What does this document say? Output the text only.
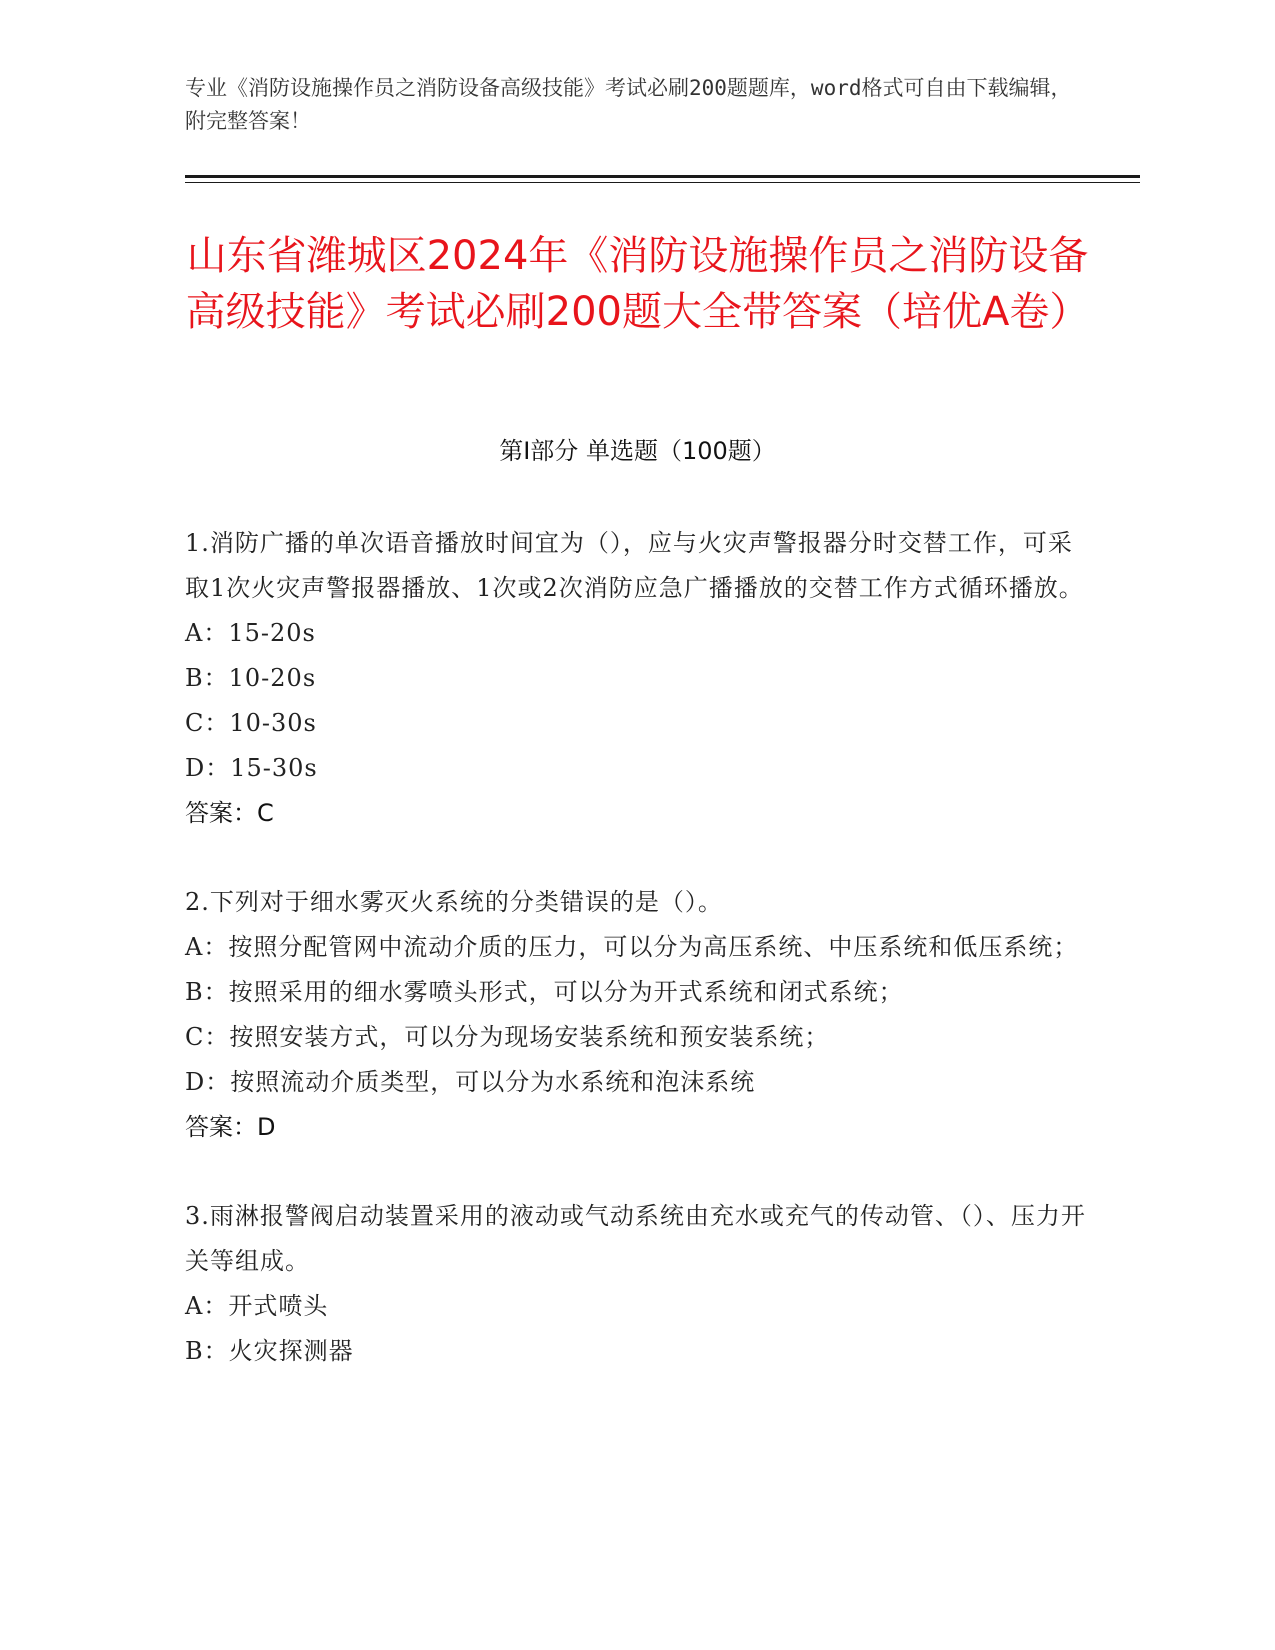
专业《消防设施操作员之消防设备高级技能》考试必刷200题题库，word格式可自由下载编辑，附完整答案！
山东省潍城区2024年《消防设施操作员之消防设备高级技能》考试必刷200题大全带答案（培优A卷）
第I部分 单选题（100题）

1.消防广播的单次语音播放时间宜为（），应与火灾声警报器分时交替工作，可采取1次火灾声警报器播放、1次或2次消防应急广播播放的交替工作方式循环播放。

A：15-20s

B：10-20s

C：10-30s

D：15-30s

答案：C

2.下列对于细水雾灭火系统的分类错误的是（）。

A：按照分配管网中流动介质的压力，可以分为高压系统、中压系统和低压系统；

B：按照采用的细水雾喷头形式，可以分为开式系统和闭式系统；

C：按照安装方式，可以分为现场安装系统和预安装系统；

D：按照流动介质类型，可以分为水系统和泡沫系统

答案：D

3.雨淋报警阀启动装置采用的液动或气动系统由充水或充气的传动管、（）、压力开关等组成。

A：开式喷头

B：火灾探测器
